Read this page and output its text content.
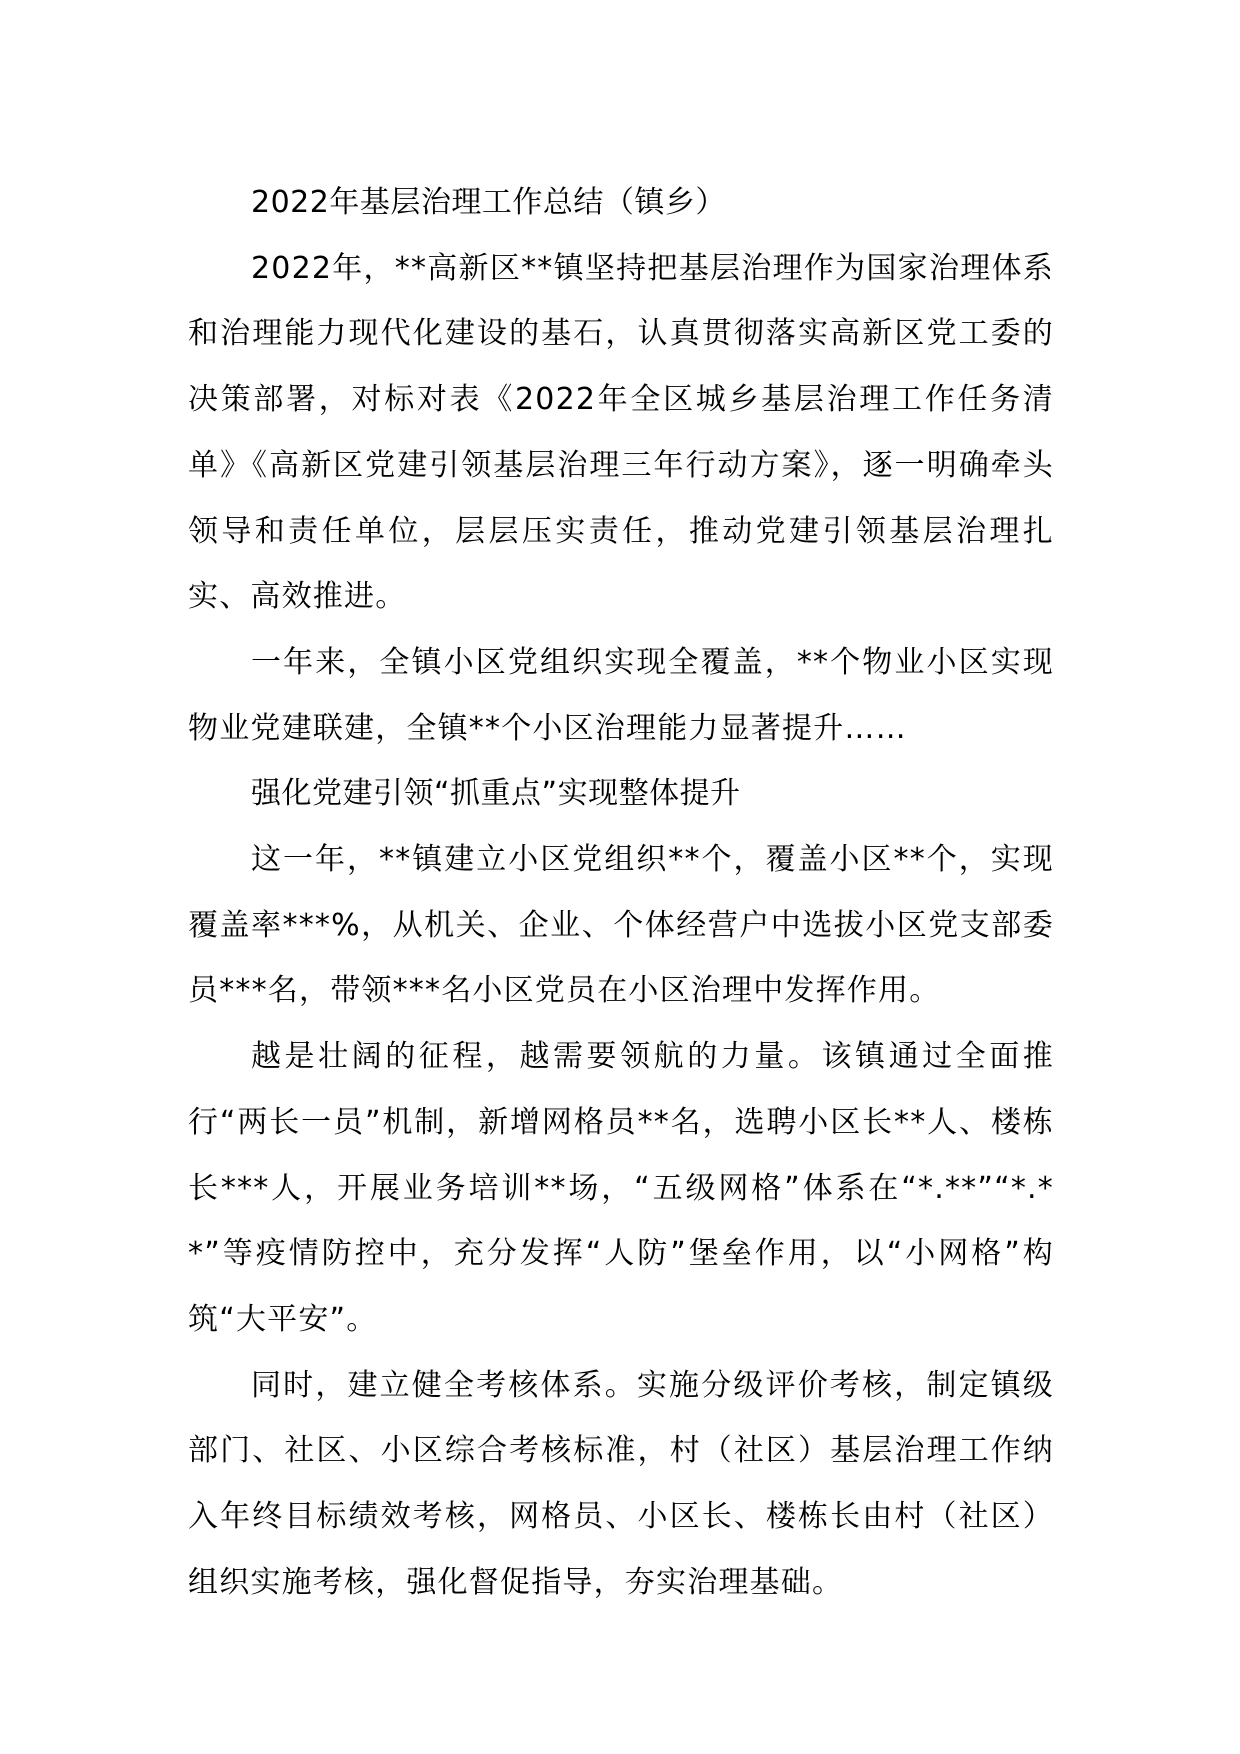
2022年基层治理工作总结（镇乡）

2022年，**高新区**镇坚持把基层治理作为国家治理体系和治理能力现代化建设的基石，认真贯彻落实高新区党工委的决策部署，对标对表《2022年全区城乡基层治理工作任务清单》《高新区党建引领基层治理三年行动方案》，逐一明确牵头领导和责任单位，层层压实责任，推动党建引领基层治理扎实、高效推进。

一年来，全镇小区党组织实现全覆盖，**个物业小区实现物业党建联建，全镇**个小区治理能力显著提升……

强化党建引领“抓重点”实现整体提升

这一年，**镇建立小区党组织**个，覆盖小区**个，实现覆盖率***%，从机关、企业、个体经营户中选拔小区党支部委员***名，带领***名小区党员在小区治理中发挥作用。

越是壮阔的征程，越需要领航的力量。该镇通过全面推行“两长一员”机制，新增网格员**名，选聘小区长**人、楼栋长***人，开展业务培训**场，“五级网格”体系在“*.**”“*.**”等疫情防控中，充分发挥“人防”堡垒作用，以“小网格”构筑“大平安”。

同时，建立健全考核体系。实施分级评价考核，制定镇级部门、社区、小区综合考核标准，村（社区）基层治理工作纳入年终目标绩效考核，网格员、小区长、楼栋长由村（社区）组织实施考核，强化督促指导，夯实治理基础。
